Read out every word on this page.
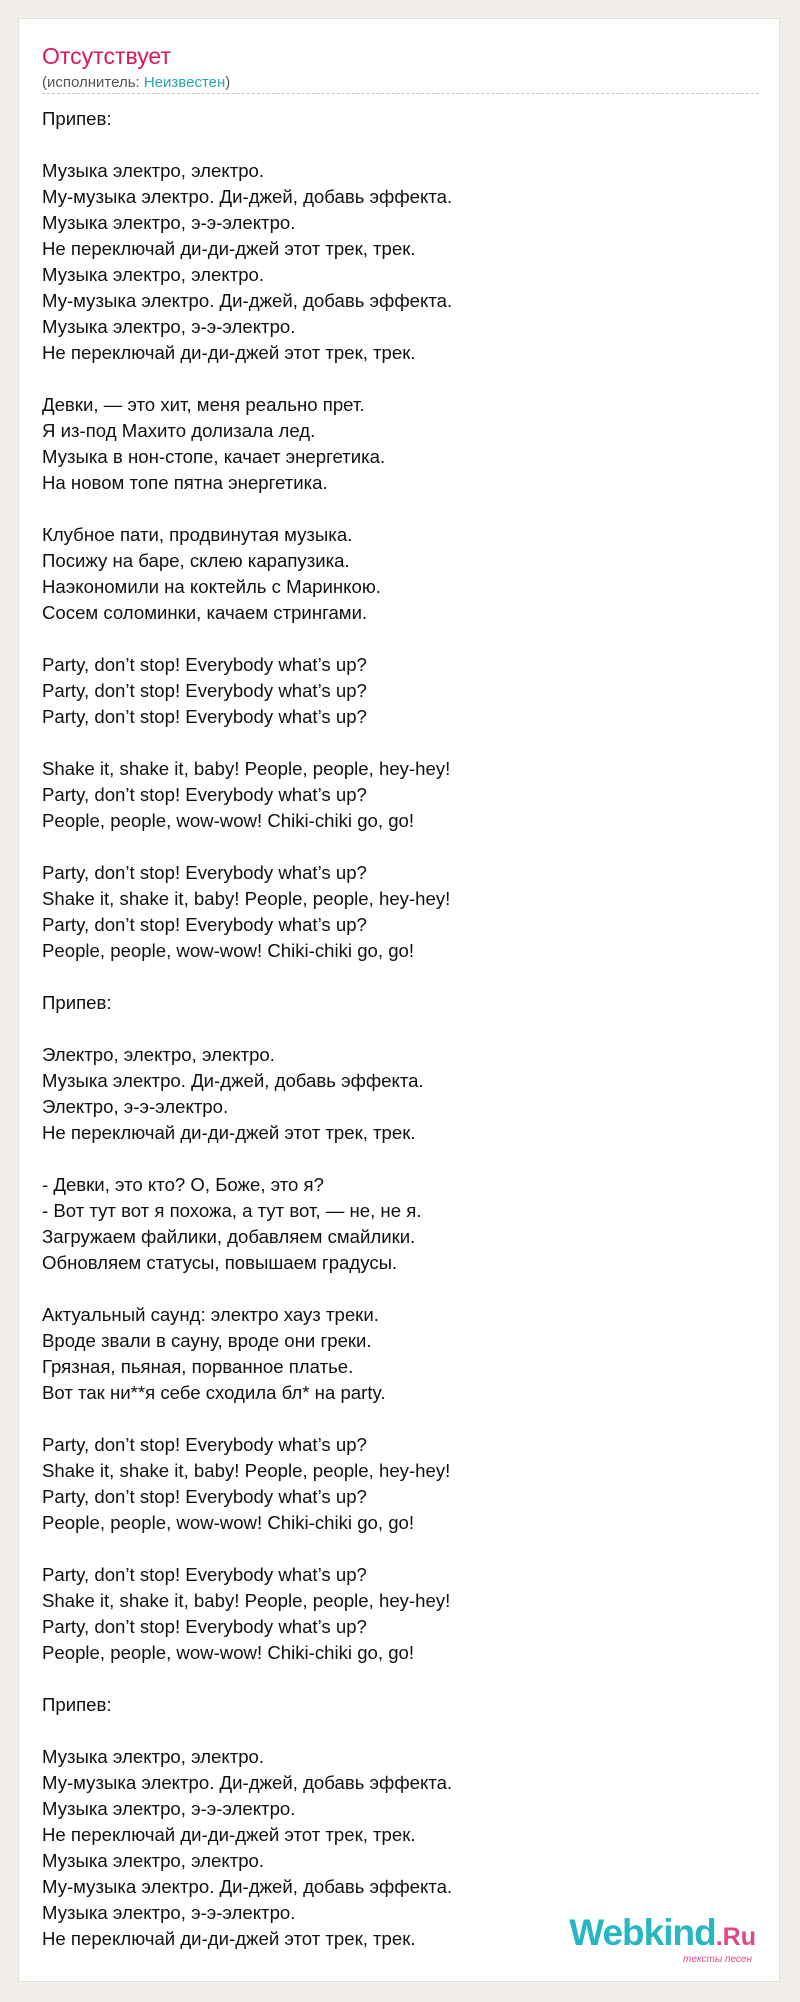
Отсутствует
(исполнитель: Неизвестен)
Припев:
Музыка электро, электро.
Му-музыка электро. Ди-джей, добавь эффекта.
Музыка электро, э-э-электро.
Не переключай ди-ди-джей этот трек, трек.
Музыка электро, электро.
Му-музыка электро. Ди-джей, добавь эффекта.
Музыка электро, э-э-электро.
Не переключай ди-ди-джей этот трек, трек.
Девки, — это хит, меня реально прет.
Я из-под Махито долизала лед.
Музыка в нон-стопе, качает энергетика.
На новом топе пятна энергетика.
Клубное пати, продвинутая музыка.
Посижу на баре, склею карапузика.
Наэкономили на коктейль с Маринкою.
Сосем соломинки, качаем стрингами.
Party, don’t stop! Everybody what’s up?
Party, don’t stop! Everybody what’s up?
Party, don’t stop! Everybody what’s up?
Shake it, shake it, baby! People, people, hey-hey!
Party, don’t stop! Everybody what’s up?
People, people, wow-wow! Chiki-chiki go, go!
Party, don’t stop! Everybody what’s up?
Shake it, shake it, baby! People, people, hey-hey!
Party, don’t stop! Everybody what’s up?
People, people, wow-wow! Chiki-chiki go, go!
Припев:
Электро, электро, электро.
Музыка электро. Ди-джей, добавь эффекта.
Электро, э-э-электро.
Не переключай ди-ди-джей этот трек, трек.
- Девки, это кто? О, Боже, это я?
- Вот тут вот я похожа, а тут вот, — не, не я.
Загружаем файлики, добавляем смайлики.
Обновляем статусы, повышаем градусы.
Актуальный саунд: электро хауз треки.
Вроде звали в сауну, вроде они греки.
Грязная, пьяная, порванное платье.
Вот так ни**я себе сходила бл* на party.
Party, don’t stop! Everybody what’s up?
Shake it, shake it, baby! People, people, hey-hey!
Party, don’t stop! Everybody what’s up?
People, people, wow-wow! Chiki-chiki go, go!
Party, don’t stop! Everybody what’s up?
Shake it, shake it, baby! People, people, hey-hey!
Party, don’t stop! Everybody what’s up?
People, people, wow-wow! Chiki-chiki go, go!
Припев:
Музыка электро, электро.
Му-музыка электро. Ди-джей, добавь эффекта.
Музыка электро, э-э-электро.
Не переключай ди-ди-джей этот трек, трек.
Музыка электро, электро.
Му-музыка электро. Ди-джей, добавь эффекта.
Музыка электро, э-э-электро.
Не переключай ди-ди-джей этот трек, трек.	Webkind.Ru
тексты песен
